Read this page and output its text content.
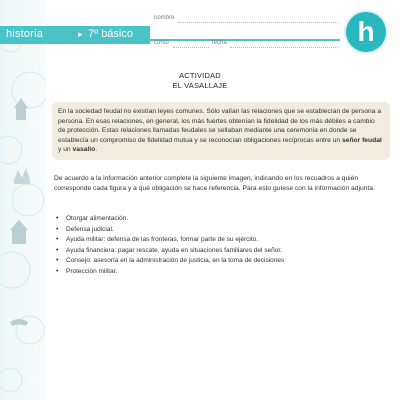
historia	▸ 7º básico
nombre
curso	fecha	h
ACTIVIDAD
EL VASALLAJE
En la sociedad feudal no existían leyes comunes. Sólo valían las relaciones que se establecían de persona a persona. En esas relaciones, en general, los más fuertes obtenían la fidelidad de los más débiles a cambio de protección. Estas relaciones llamadas feudales se sellaban mediante una ceremonia en donde se establecía un compromiso de fidelidad mutua y se reconocían obligaciones recíprocas entre un señor feudal y un vasallo.
De acuerdo a la información anterior complete la siguiente imagen, indicando en los recuadros a quién corresponde cada figura y a qué obligación se hace referencia. Para esto guíese con la información adjunta.
• Otorgar alimentación.
• Defensa judicial.
• Ayuda militar: defensa de las fronteras, formar parte de su ejército.
• Ayuda financiera: pagar rescate, ayuda en situaciones familiares del señor.
• Consejo: asesoría en la administración de justicia, en la toma de decisiones
• Protección militar.
